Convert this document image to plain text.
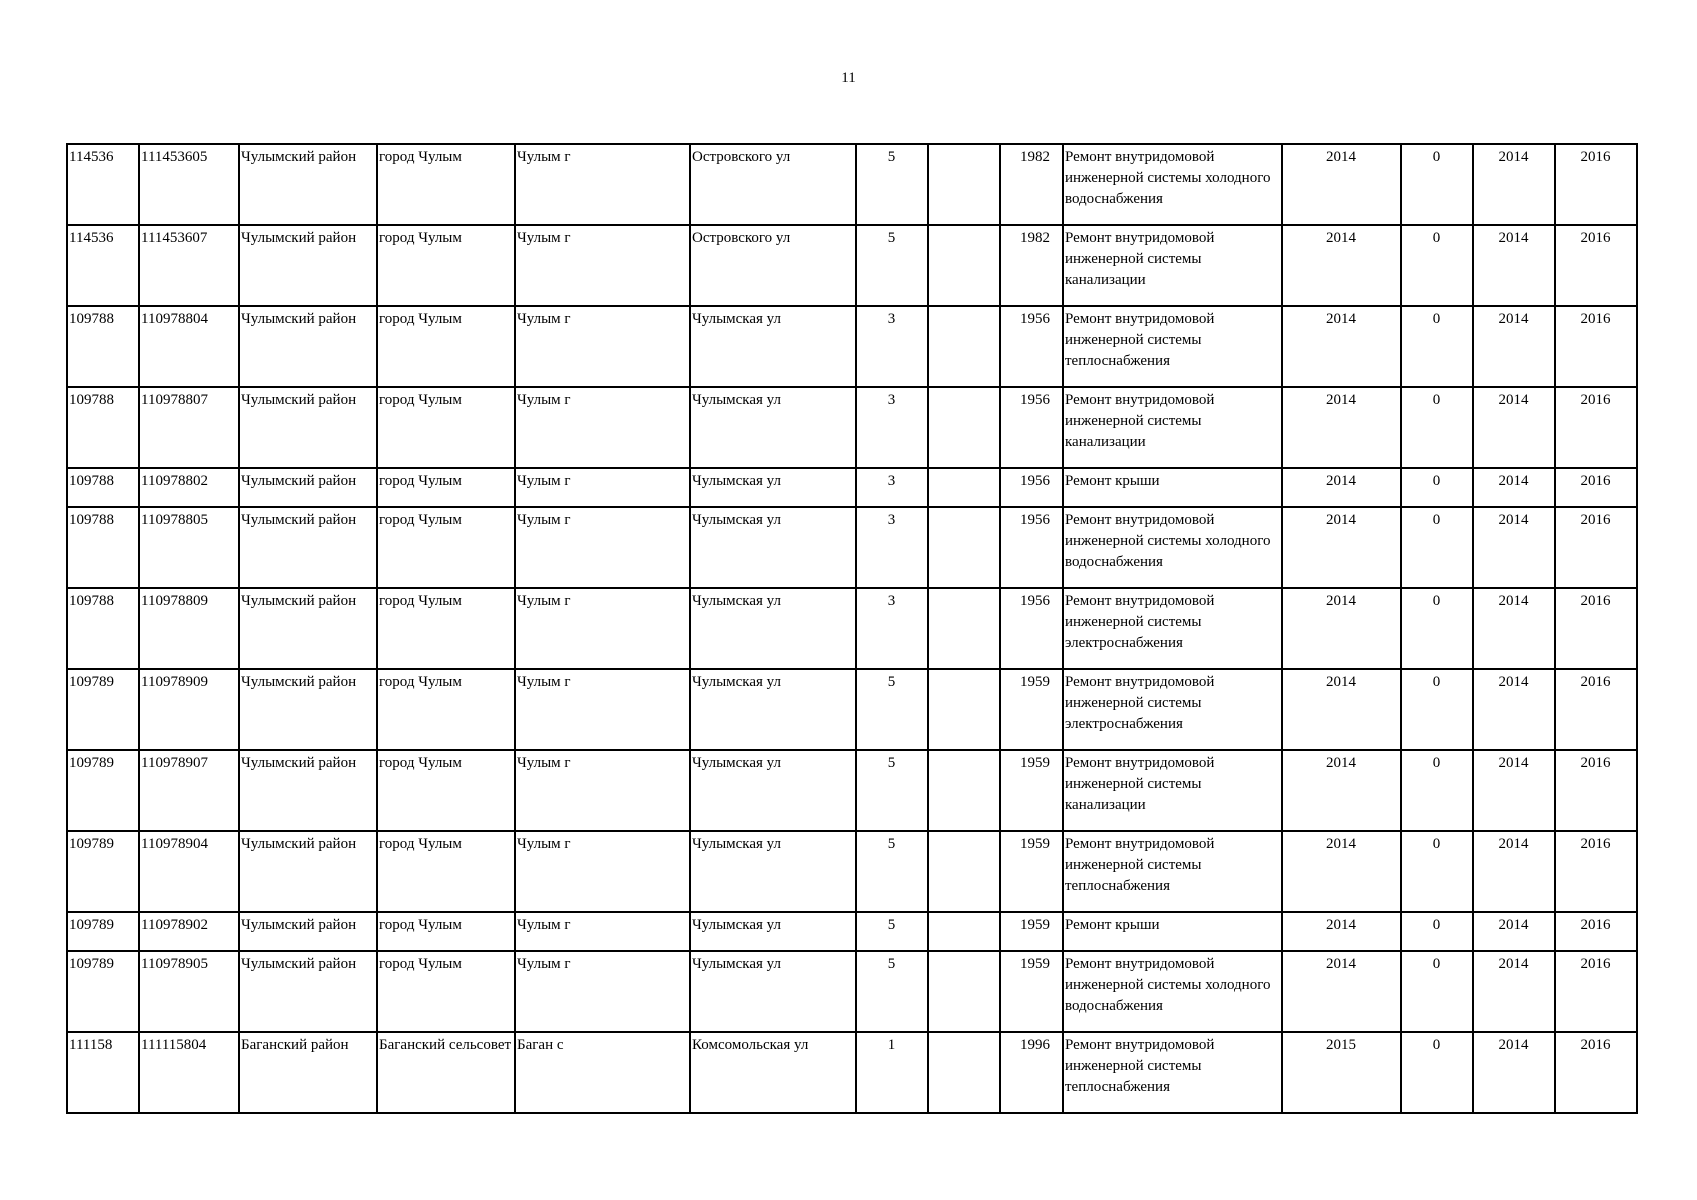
11
114536	111453605	Чулымский район	город Чулым	Чулым г	Островского ул	5		1982	Ремонт внутридомовой инженерной системы холодного водоснабжения	2014	0	2014	2016
114536	111453607	Чулымский район	город Чулым	Чулым г	Островского ул	5		1982	Ремонт внутридомовой инженерной системы канализации	2014	0	2014	2016
109788	110978804	Чулымский район	город Чулым	Чулым г	Чулымская ул	3		1956	Ремонт внутридомовой инженерной системы теплоснабжения	2014	0	2014	2016
109788	110978807	Чулымский район	город Чулым	Чулым г	Чулымская ул	3		1956	Ремонт внутридомовой инженерной системы канализации	2014	0	2014	2016
109788	110978802	Чулымский район	город Чулым	Чулым г	Чулымская ул	3		1956	Ремонт крыши	2014	0	2014	2016
109788	110978805	Чулымский район	город Чулым	Чулым г	Чулымская ул	3		1956	Ремонт внутридомовой инженерной системы холодного водоснабжения	2014	0	2014	2016
109788	110978809	Чулымский район	город Чулым	Чулым г	Чулымская ул	3		1956	Ремонт внутридомовой инженерной системы электроснабжения	2014	0	2014	2016
109789	110978909	Чулымский район	город Чулым	Чулым г	Чулымская ул	5		1959	Ремонт внутридомовой инженерной системы электроснабжения	2014	0	2014	2016
109789	110978907	Чулымский район	город Чулым	Чулым г	Чулымская ул	5		1959	Ремонт внутридомовой инженерной системы канализации	2014	0	2014	2016
109789	110978904	Чулымский район	город Чулым	Чулым г	Чулымская ул	5		1959	Ремонт внутридомовой инженерной системы теплоснабжения	2014	0	2014	2016
109789	110978902	Чулымский район	город Чулым	Чулым г	Чулымская ул	5		1959	Ремонт крыши	2014	0	2014	2016
109789	110978905	Чулымский район	город Чулым	Чулым г	Чулымская ул	5		1959	Ремонт внутридомовой инженерной системы холодного водоснабжения	2014	0	2014	2016
111158	111115804	Баганский район	Баганский сельсовет	Баган с	Комсомольская ул	1		1996	Ремонт внутридомовой инженерной системы теплоснабжения	2015	0	2014	2016
